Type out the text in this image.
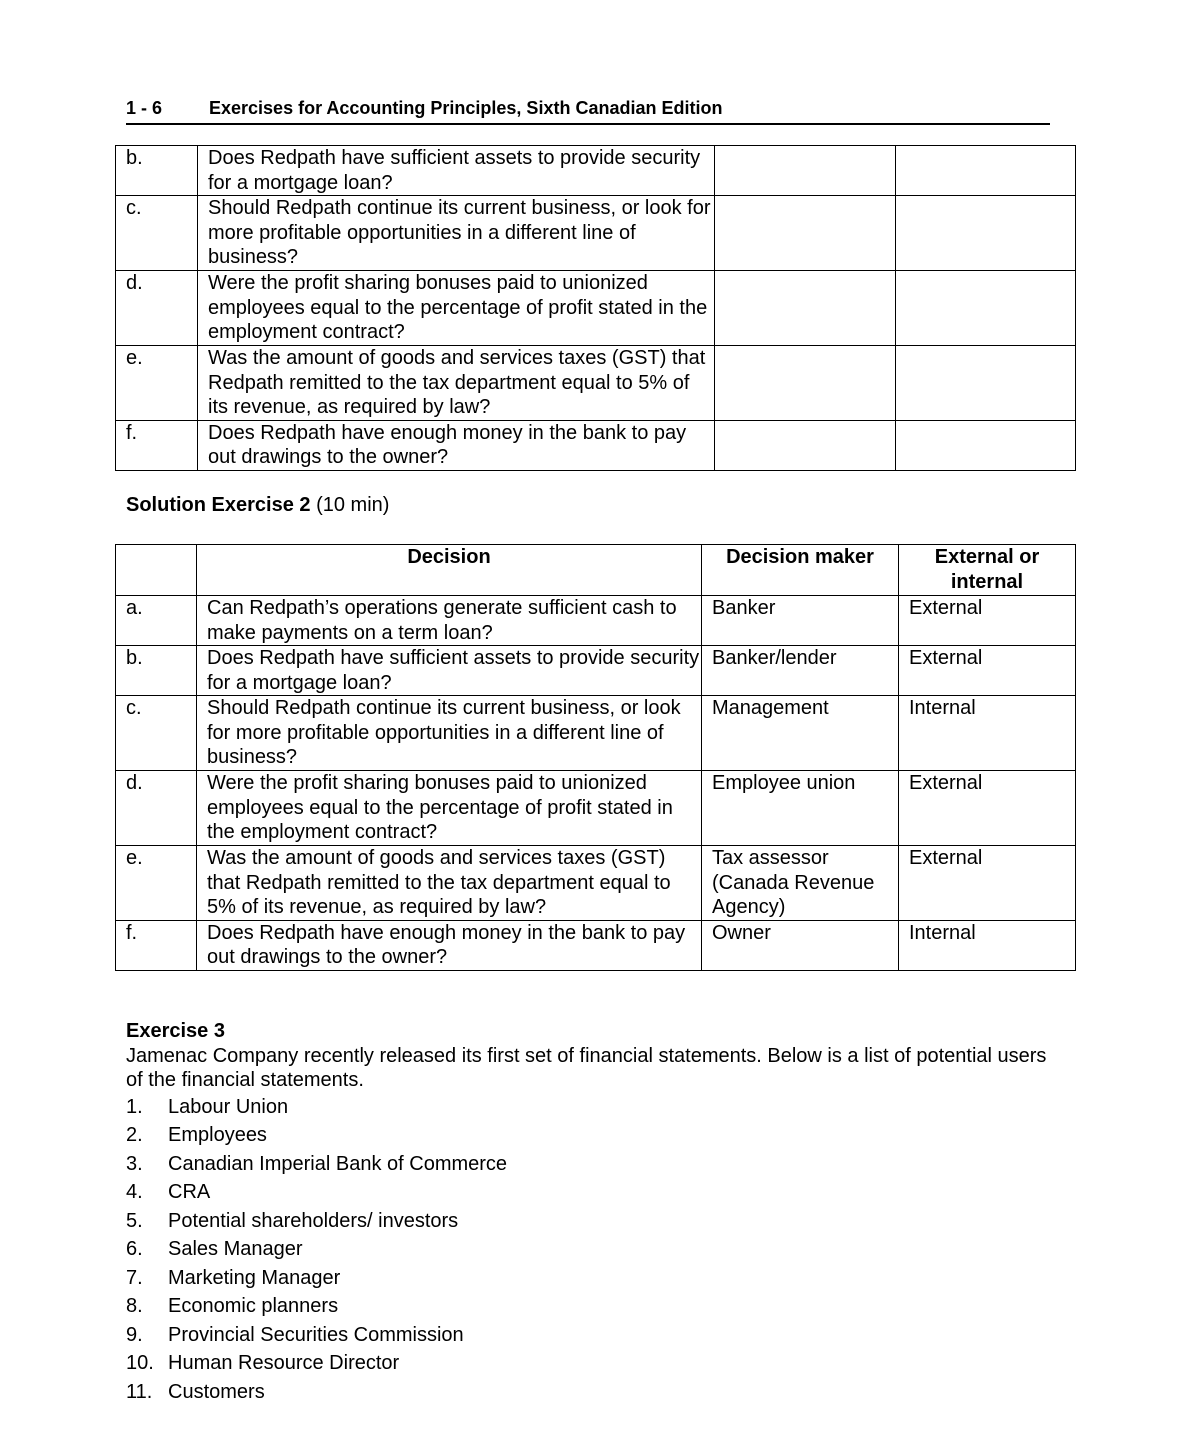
1 - 6	Exercises for Accounting Principles, Sixth Canadian Edition
b.	Does Redpath have sufficient assets to provide security for a mortgage loan?		
c.	Should Redpath continue its current business, or look for more profitable opportunities in a different line of business?		
d.	Were the profit sharing bonuses paid to unionized employees equal to the percentage of profit stated in the employment contract?		
e.	Was the amount of goods and services taxes (GST) that Redpath remitted to the tax department equal to 5% of its revenue, as required by law?		
f.	Does Redpath have enough money in the bank to pay out drawings to the owner?		
Solution Exercise 2 (10 min)
	Decision	Decision maker	External or internal
a.	Can Redpath’s operations generate sufficient cash to make payments on a term loan?	Banker	External
b.	Does Redpath have sufficient assets to provide security for a mortgage loan?	Banker/lender	External
c.	Should Redpath continue its current business, or look for more profitable opportunities in a different line of business?	Management	Internal
d.	Were the profit sharing bonuses paid to unionized employees equal to the percentage of profit stated in the employment contract?	Employee union	External
e.	Was the amount of goods and services taxes (GST) that Redpath remitted to the tax department equal to 5% of its revenue, as required by law?	Tax assessor (Canada Revenue Agency)	External
f.	Does Redpath have enough money in the bank to pay out drawings to the owner?	Owner	Internal
Exercise 3
Jamenac Company recently released its first set of financial statements. Below is a list of potential users of the financial statements.
1.	Labour Union
2.	Employees
3.	Canadian Imperial Bank of Commerce
4.	CRA
5.	Potential shareholders/ investors
6.	Sales Manager
7.	Marketing Manager
8.	Economic planners
9.	Provincial Securities Commission
10. Human Resource Director
11. Customers
